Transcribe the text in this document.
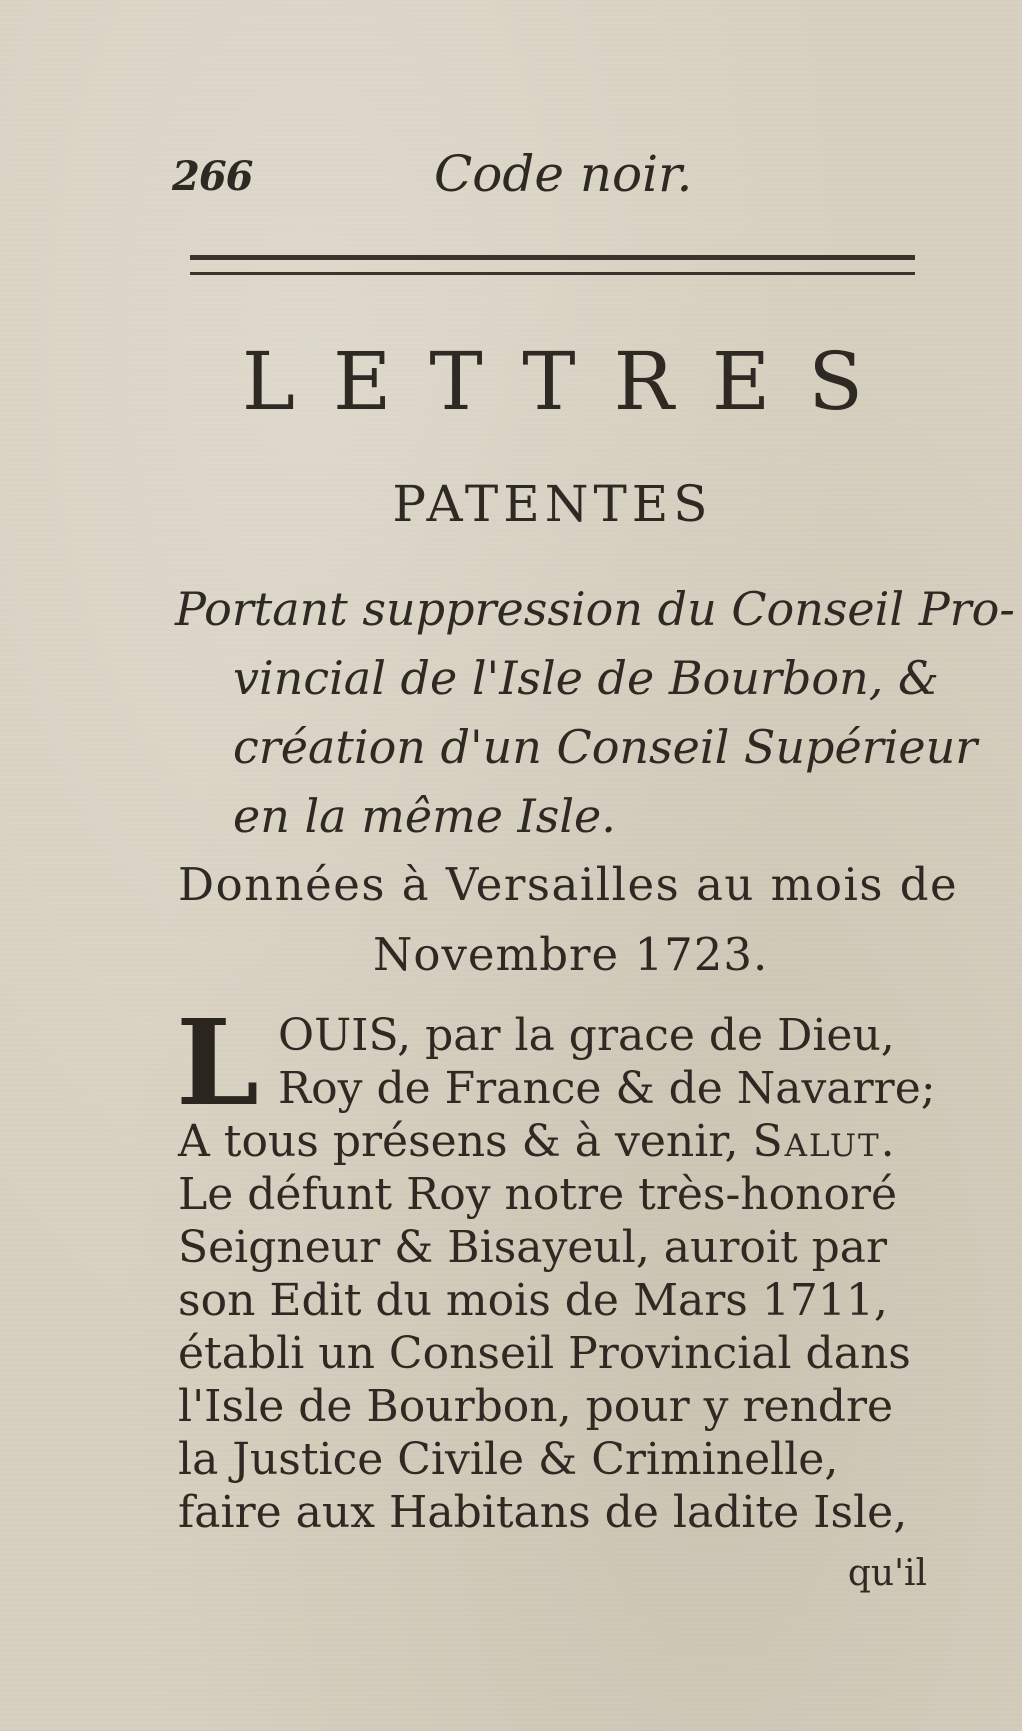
266	Code noir.
LETTRES
PATENTES
Portant suppression du Conseil Pro-
vincial de l'Isle de Bourbon, &
création d'un Conseil Supérieur
en la même Isle.
Données à Versailles au mois de
Novembre 1723.
L OUIS, par la grace de Dieu,
Roy de France & de Navarre;
A tous présens & à venir, Salut.
Le défunt Roy notre très-honoré
Seigneur & Bisayeul, auroit par
son Edit du mois de Mars 1711,
établi un Conseil Provincial dans
l'Isle de Bourbon, pour y rendre
la Justice Civile & Criminelle,
faire aux Habitans de ladite Isle,
qu'il
